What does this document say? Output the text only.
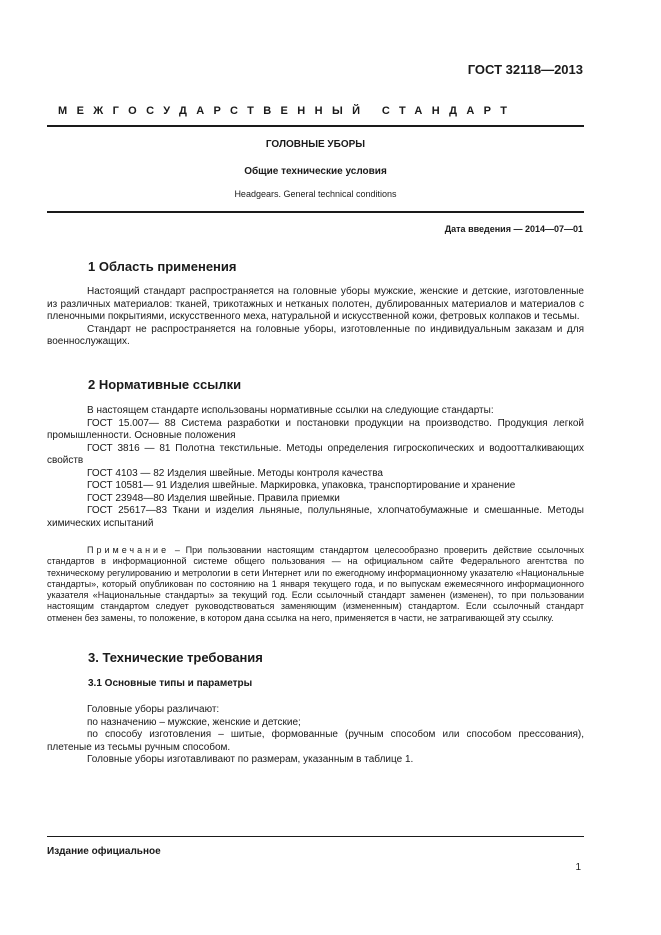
ГОСТ 32118—2013
МЕЖГОСУДАРСТВЕННЫЙ СТАНДАРТ
ГОЛОВНЫЕ УБОРЫ
Общие технические условия
Headgears. General technical conditions
Дата введения — 2014—07—01
1 Область применения

Настоящий стандарт распространяется на головные уборы мужские, женские и детские, изготовленные из различных материалов: тканей, трикотажных и нетканых полотен, дублированных материалов и материалов с пленочными покрытиями, искусственного меха, натуральной и искусственной кожи, фетровых колпаков и тесьмы.

Стандарт не распространяется на головные уборы, изготовленные по индивидуальным заказам и для военнослужащих.

2 Нормативные ссылки

В настоящем стандарте использованы нормативные ссылки на следующие стандарты:

ГОСТ 15.007— 88 Система разработки и постановки продукции на производство. Продукция легкой промышленности. Основные положения

ГОСТ 3816 — 81 Полотна текстильные. Методы определения гигроскопических и водоотталкивающих свойств

ГОСТ 4103 — 82 Изделия швейные. Методы контроля качества

ГОСТ 10581— 91 Изделия швейные. Маркировка, упаковка, транспортирование и хранение

ГОСТ 23948—80 Изделия швейные. Правила приемки

ГОСТ 25617—83 Ткани и изделия льняные, полульняные, хлопчатобумажные и смешанные. Методы химических испытаний

Примечание – При пользовании настоящим стандартом целесообразно проверить действие ссылочных стандартов в информационной системе общего пользования — на официальном сайте Федерального агентства по техническому регулированию и метрологии в сети Интернет или по ежегодному информационному указателю «Национальные стандарты», который опубликован по состоянию на 1 января текущего года, и по выпускам ежемесячного информационного указателя «Национальные стандарты» за текущий год. Если ссылочный стандарт заменен (изменен), то при пользовании настоящим стандартом следует руководствоваться заменяющим (измененным) стандартом. Если ссылочный стандарт отменен без замены, то положение, в котором дана ссылка на него, применяется в части, не затрагивающей эту ссылку.

3. Технические требования
3.1 Основные типы и параметры

Головные уборы различают:

по назначению – мужские, женские и детские;

по способу изготовления – шитые, формованные (ручным способом или способом прессования), плетеные из тесьмы ручным способом.

Головные уборы изготавливают по размерам, указанным в таблице 1.

Издание официальное
1
